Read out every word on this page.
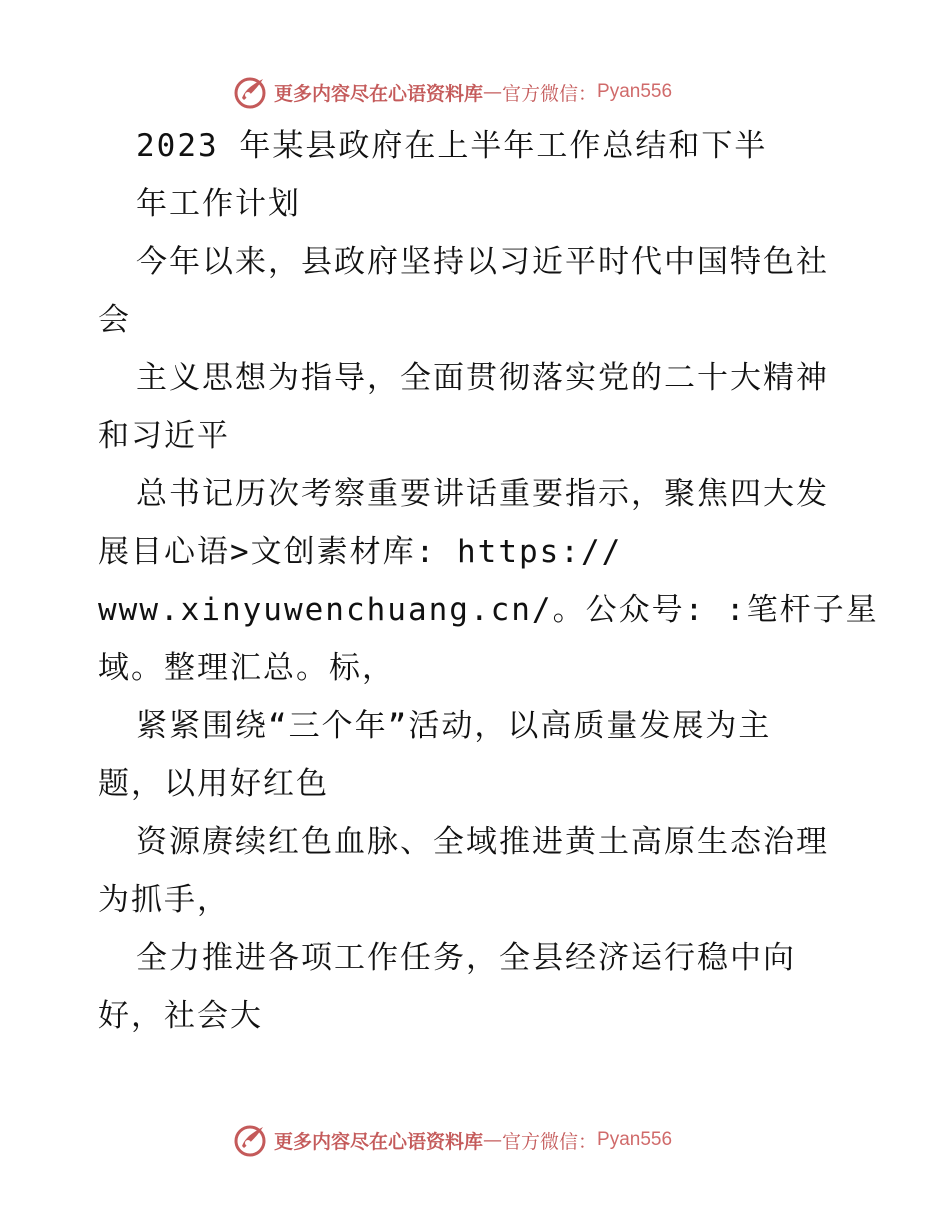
更多内容尽在心语资料库 — 官方微信： Pyan556
2023 年某县政府在上半年工作总结和下半
年工作计划
今年以来，县政府坚持以习近平时代中国特色社
会
主义思想为指导，全面贯彻落实党的二十大精神
和习近平
总书记历次考察重要讲话重要指示，聚焦四大发
展目心语>文创素材库: https://
www.xinyuwenchuang.cn/。公众号: :笔杆子星
域。整理汇总。标，
紧紧围绕“三个年”活动，以高质量发展为主
题，以用好红色
资源赓续红色血脉、全域推进黄土高原生态治理
为抓手，
全力推进各项工作任务，全县经济运行稳中向
好，社会大
更多内容尽在心语资料库 — 官方微信： Pyan556
